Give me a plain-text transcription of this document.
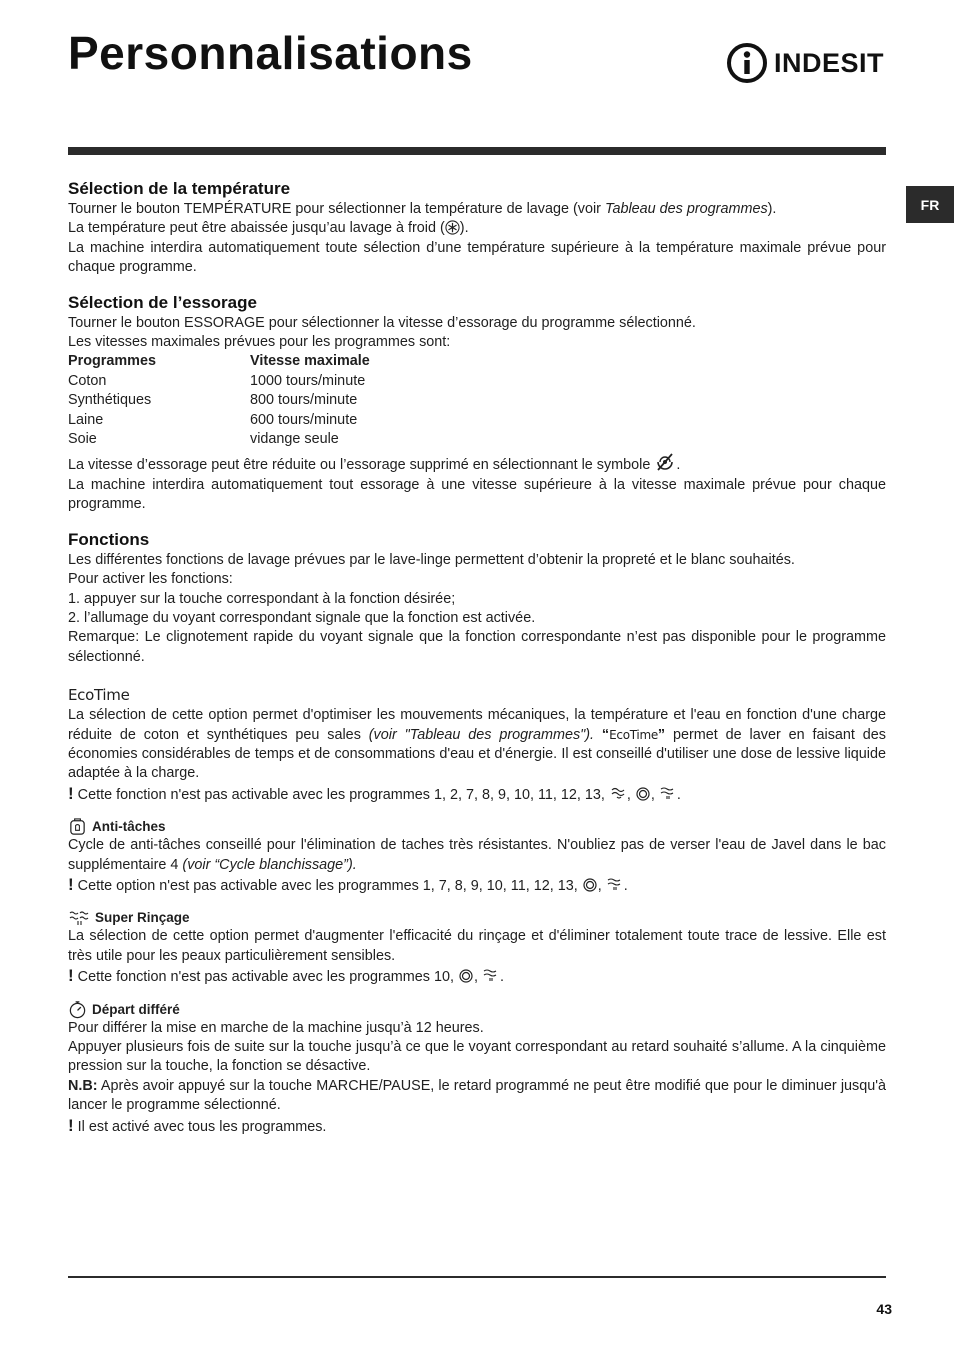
Personnalisations	INDESIT
FR
Sélection de la température

Tourner le bouton TEMPÉRATURE pour sélectionner la température de lavage (voir Tableau des programmes).

La température peut être abaissée jusqu’au lavage à froid ( ).

La machine interdira automatiquement toute sélection d’une température supérieure à la température maximale prévue pour chaque programme.

Sélection de l’essorage

Tourner le bouton ESSORAGE pour sélectionner la vitesse d’essorage du programme sélectionné.

Les vitesses maximales prévues pour les programmes sont:

Programmes	Vitesse maximale
Coton	1000 tours/minute
Synthétiques	800 tours/minute
Laine	600 tours/minute
Soie	vidange seule

La vitesse d’essorage peut être réduite ou l’essorage supprimé en sélectionnant le symbole .

La machine interdira automatiquement tout essorage à une vitesse supérieure à la vitesse maximale prévue pour chaque programme.

Fonctions

Les différentes fonctions de lavage prévues par le lave-linge permettent d’obtenir la propreté et le blanc souhaités.

Pour activer les fonctions:

1. appuyer sur la touche correspondant à la fonction désirée;

2. l’allumage du voyant correspondant signale que la fonction est activée.

Remarque: Le clignotement rapide du voyant signale que la fonction correspondante n’est pas disponible pour le programme sélectionné.

EcoTime

La sélection de cette option permet d'optimiser les mouvements mécaniques, la température et l'eau en fonction d'une charge réduite de coton et synthétiques peu sales (voir "Tableau des programmes"). “EcoTime” permet de laver en faisant des économies considérables de temps et de consommations d'eau et d'énergie. Il est conseillé d'utiliser une dose de lessive liquide adaptée à la charge.

! Cette fonction n'est pas activable avec les programmes 1, 2, 7, 8, 9, 10, 11, 12, 13, , , .

Anti-tâches

Cycle de anti-tâches conseillé pour l'élimination de taches très résistantes. N'oubliez pas de verser l'eau de Javel dans le bac supplémentaire 4 (voir “Cycle blanchissage”).

! Cette option n'est pas activable avec les programmes 1, 7, 8, 9, 10, 11, 12, 13, , .

Super Rinçage

La sélection de cette option permet d'augmenter l'efficacité du rinçage et d'éliminer totalement toute trace de lessive. Elle est très utile pour les peaux particulièrement sensibles.

! Cette fonction n'est pas activable avec les programmes 10, , .

Départ différé

Pour différer la mise en marche de la machine jusqu’à 12 heures.

Appuyer plusieurs fois de suite sur la touche jusqu’à ce que le voyant correspondant au retard souhaité s’allume. A la cinquième pression sur la touche, la fonction se désactive.

N.B: Après avoir appuyé sur la touche MARCHE/PAUSE, le retard programmé ne peut être modifié que pour le diminuer jusqu'à lancer le programme sélectionné.

! Il est activé avec tous les programmes.

43
